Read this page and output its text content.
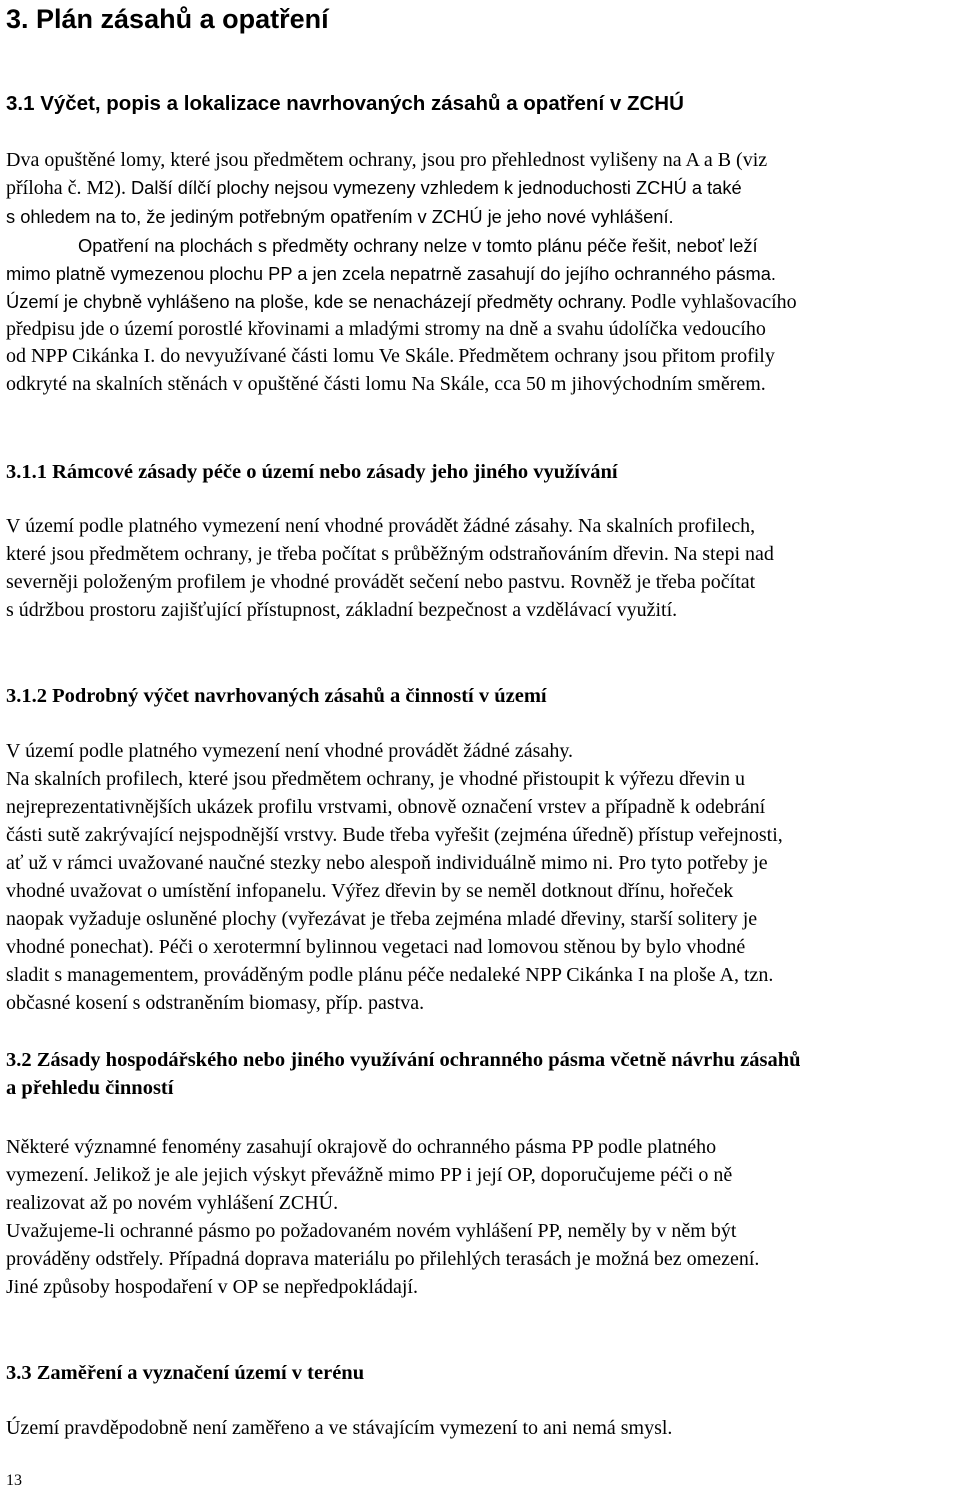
3. Plán zásahů a opatření
3.1 Výčet, popis a lokalizace navrhovaných zásahů a opatření v ZCHÚ

Dva opuštěné lomy, které jsou předmětem ochrany, jsou pro přehlednost vylišeny na A a B (viz

příloha č. M2). Další dílčí plochy nejsou vymezeny vzhledem k jednoduchosti ZCHÚ a také

s ohledem na to, že jediným potřebným opatřením v ZCHÚ je jeho nové vyhlášení.

Opatření na plochách s předměty ochrany nelze v tomto plánu péče řešit, neboť leží

mimo platně vymezenou plochu PP a jen zcela nepatrně zasahují do jejího ochranného pásma.

Území je chybně vyhlášeno na ploše, kde se nenacházejí předměty ochrany. Podle vyhlašovacího

předpisu jde o území porostlé křovinami a mladými stromy na dně a svahu údolíčka vedoucího

od NPP Cikánka I. do nevyužívané části lomu Ve Skále. Předmětem ochrany jsou přitom profily

odkryté na skalních stěnách v opuštěné části lomu Na Skále, cca 50 m jihovýchodním směrem.

3.1.1 Rámcové zásady péče o území nebo zásady jeho jiného využívání

V území podle platného vymezení není vhodné provádět žádné zásahy. Na skalních profilech,

které jsou předmětem ochrany, je třeba počítat s průběžným odstraňováním dřevin. Na stepi nad

severněji položeným profilem je vhodné provádět sečení nebo pastvu. Rovněž je třeba počítat

s údržbou prostoru zajišťující přístupnost, základní bezpečnost a vzdělávací využití.

3.1.2 Podrobný výčet navrhovaných zásahů a činností v území

V území podle platného vymezení není vhodné provádět žádné zásahy.

Na skalních profilech, které jsou předmětem ochrany, je vhodné přistoupit k výřezu dřevin u

nejreprezentativnějších ukázek profilu vrstvami, obnově označení vrstev a případně k odebrání

části sutě zakrývající nejspodnější vrstvy. Bude třeba vyřešit (zejména úředně) přístup veřejnosti,

ať už v rámci uvažované naučné stezky nebo alespoň individuálně mimo ni. Pro tyto potřeby je

vhodné uvažovat o umístění infopanelu. Výřez dřevin by se neměl dotknout dřínu, hořeček

naopak vyžaduje osluněné plochy (vyřezávat je třeba zejména mladé dřeviny, starší solitery je

vhodné ponechat). Péči o xerotermní bylinnou vegetaci nad lomovou stěnou by bylo vhodné

sladit s managementem, prováděným podle plánu péče nedaleké NPP Cikánka I na ploše A, tzn.

občasné kosení s odstraněním biomasy, příp. pastva.

3.2 Zásady hospodářského nebo jiného využívání ochranného pásma včetně návrhu zásahů
a přehledu činností

Některé významné fenomény zasahují okrajově do ochranného pásma PP podle platného

vymezení. Jelikož je ale jejich výskyt převážně mimo PP i její OP, doporučujeme péči o ně

realizovat až po novém vyhlášení ZCHÚ.

Uvažujeme-li ochranné pásmo po požadovaném novém vyhlášení PP, neměly by v něm být

prováděny odstřely. Případná doprava materiálu po přilehlých terasách je možná bez omezení.

Jiné způsoby hospodaření v OP se nepředpokládají.

3.3 Zaměření a vyznačení území v terénu

Území pravděpodobně není zaměřeno a ve stávajícím vymezení to ani nemá smysl.

13
